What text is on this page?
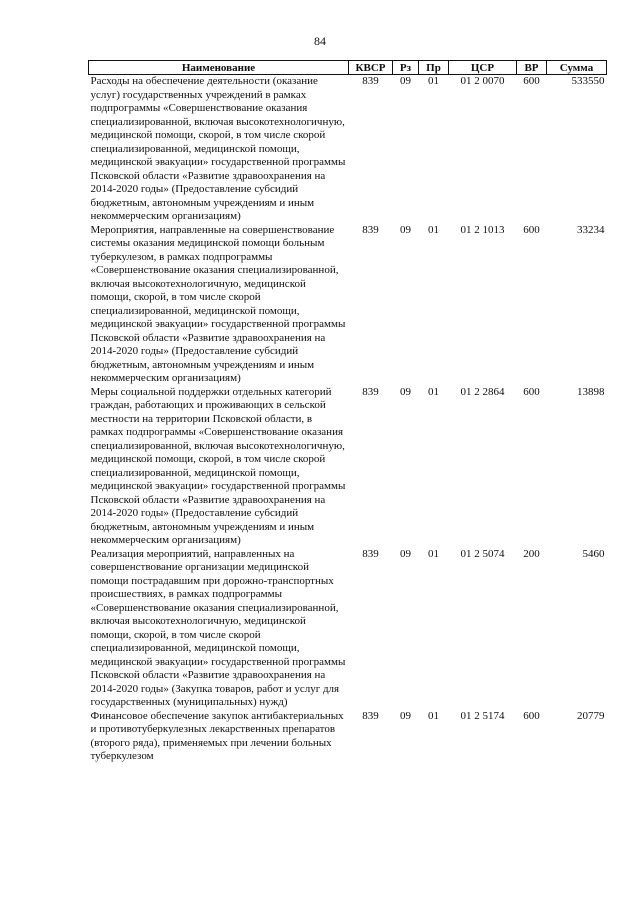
84
Наименование	КВСР	Рз	Пр	ЦСР	ВР	Сумма
Расходы на обеспечение деятельности (оказание услуг) государственных учреждений в рамках подпрограммы «Совершенствование оказания специализированной, включая высокотехнологичную, медицинской помощи, скорой, в том числе скорой специализированной, медицинской помощи, медицинской эвакуации» государственной программы Псковской области «Развитие здравоохранения на 2014-2020 годы» (Предоставление субсидий бюджетным, автономным учреждениям и иным некоммерческим организациям)	839	09	01	01 2 0070	600	533550
Мероприятия, направленные на совершенствование системы оказания медицинской помощи больным туберкулезом, в рамках подпрограммы «Совершенствование оказания специализированной, включая высокотехнологичную, медицинской помощи, скорой, в том числе скорой специализированной, медицинской помощи, медицинской эвакуации» государственной программы Псковской области «Развитие здравоохранения на 2014-2020 годы» (Предоставление субсидий бюджетным, автономным учреждениям и иным некоммерческим организациям)	839	09	01	01 2 1013	600	33234
Меры социальной поддержки отдельных категорий граждан, работающих и проживающих в сельской местности на территории Псковской области, в рамках подпрограммы «Совершенствование оказания специализированной, включая высокотехнологичную, медицинской помощи, скорой, в том числе скорой специализированной, медицинской помощи, медицинской эвакуации» государственной программы Псковской области «Развитие здравоохранения на 2014-2020 годы» (Предоставление субсидий бюджетным, автономным учреждениям и иным некоммерческим организациям)	839	09	01	01 2 2864	600	13898
Реализация мероприятий, направленных на совершенствование организации медицинской помощи пострадавшим при дорожно-транспортных происшествиях, в рамках подпрограммы «Совершенствование оказания специализированной, включая высокотехнологичную, медицинской помощи, скорой, в том числе скорой специализированной, медицинской помощи, медицинской эвакуации» государственной программы Псковской области «Развитие здравоохранения на 2014-2020 годы» (Закупка товаров, работ и услуг для государственных (муниципальных) нужд)	839	09	01	01 2 5074	200	5460
Финансовое обеспечение закупок антибактериальных и противотуберкулезных лекарственных препаратов (второго ряда), применяемых при лечении больных туберкулезом	839	09	01	01 2 5174	600	20779
